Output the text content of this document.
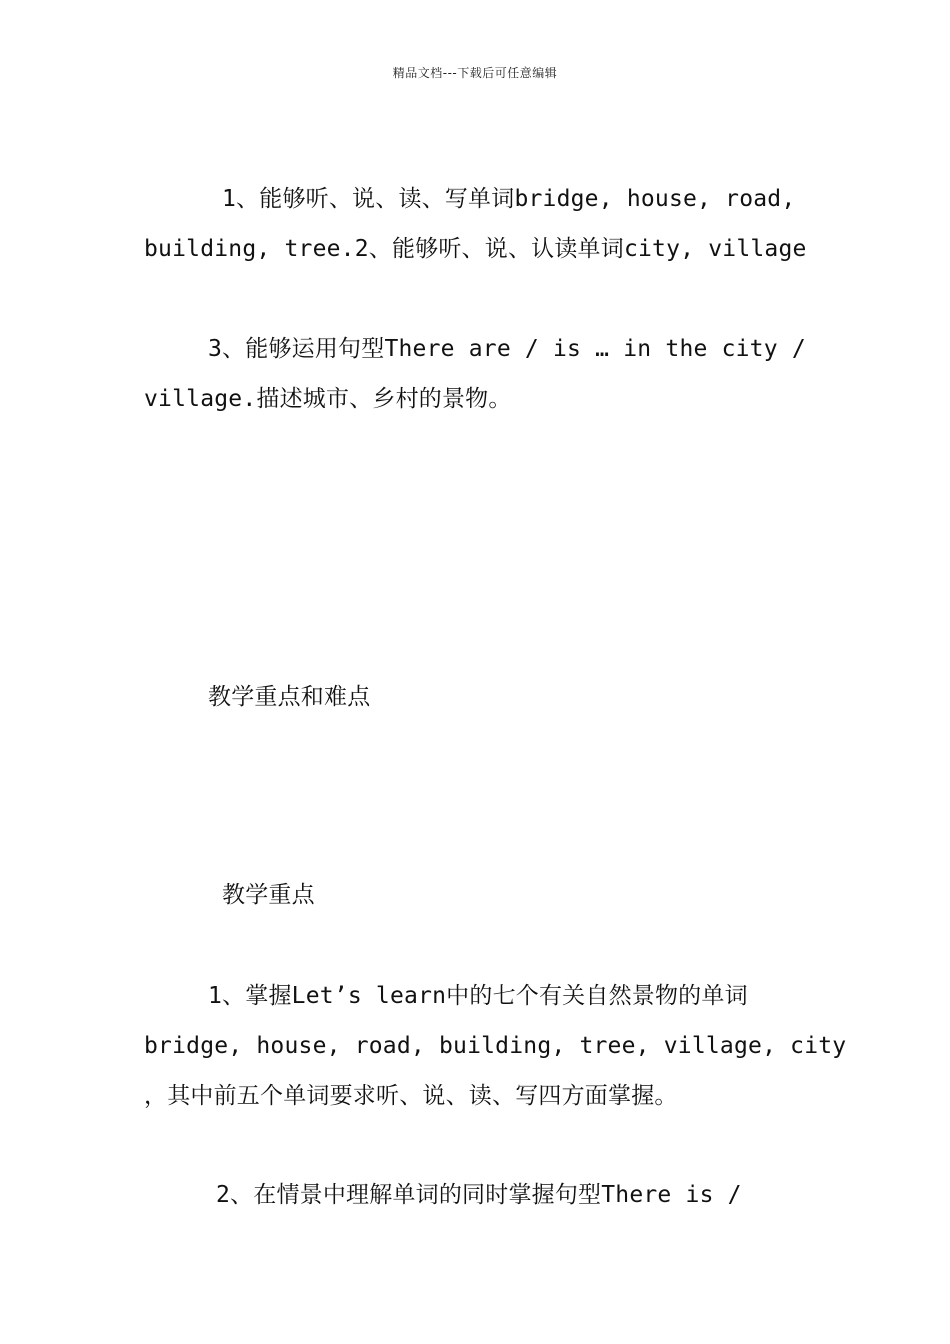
精品文档---下载后可任意编辑
1、能够听、说、读、写单词bridge, house, road,
building, tree.2、能够听、说、认读单词city, village
3、能够运用句型There are / is … in the city /
village.描述城市、乡村的景物。
教学重点和难点
教学重点
1、掌握Let’s learn中的七个有关自然景物的单词
bridge, house, road, building, tree, village, city
，其中前五个单词要求听、说、读、写四方面掌握。
2、在情景中理解单词的同时掌握句型There is /
